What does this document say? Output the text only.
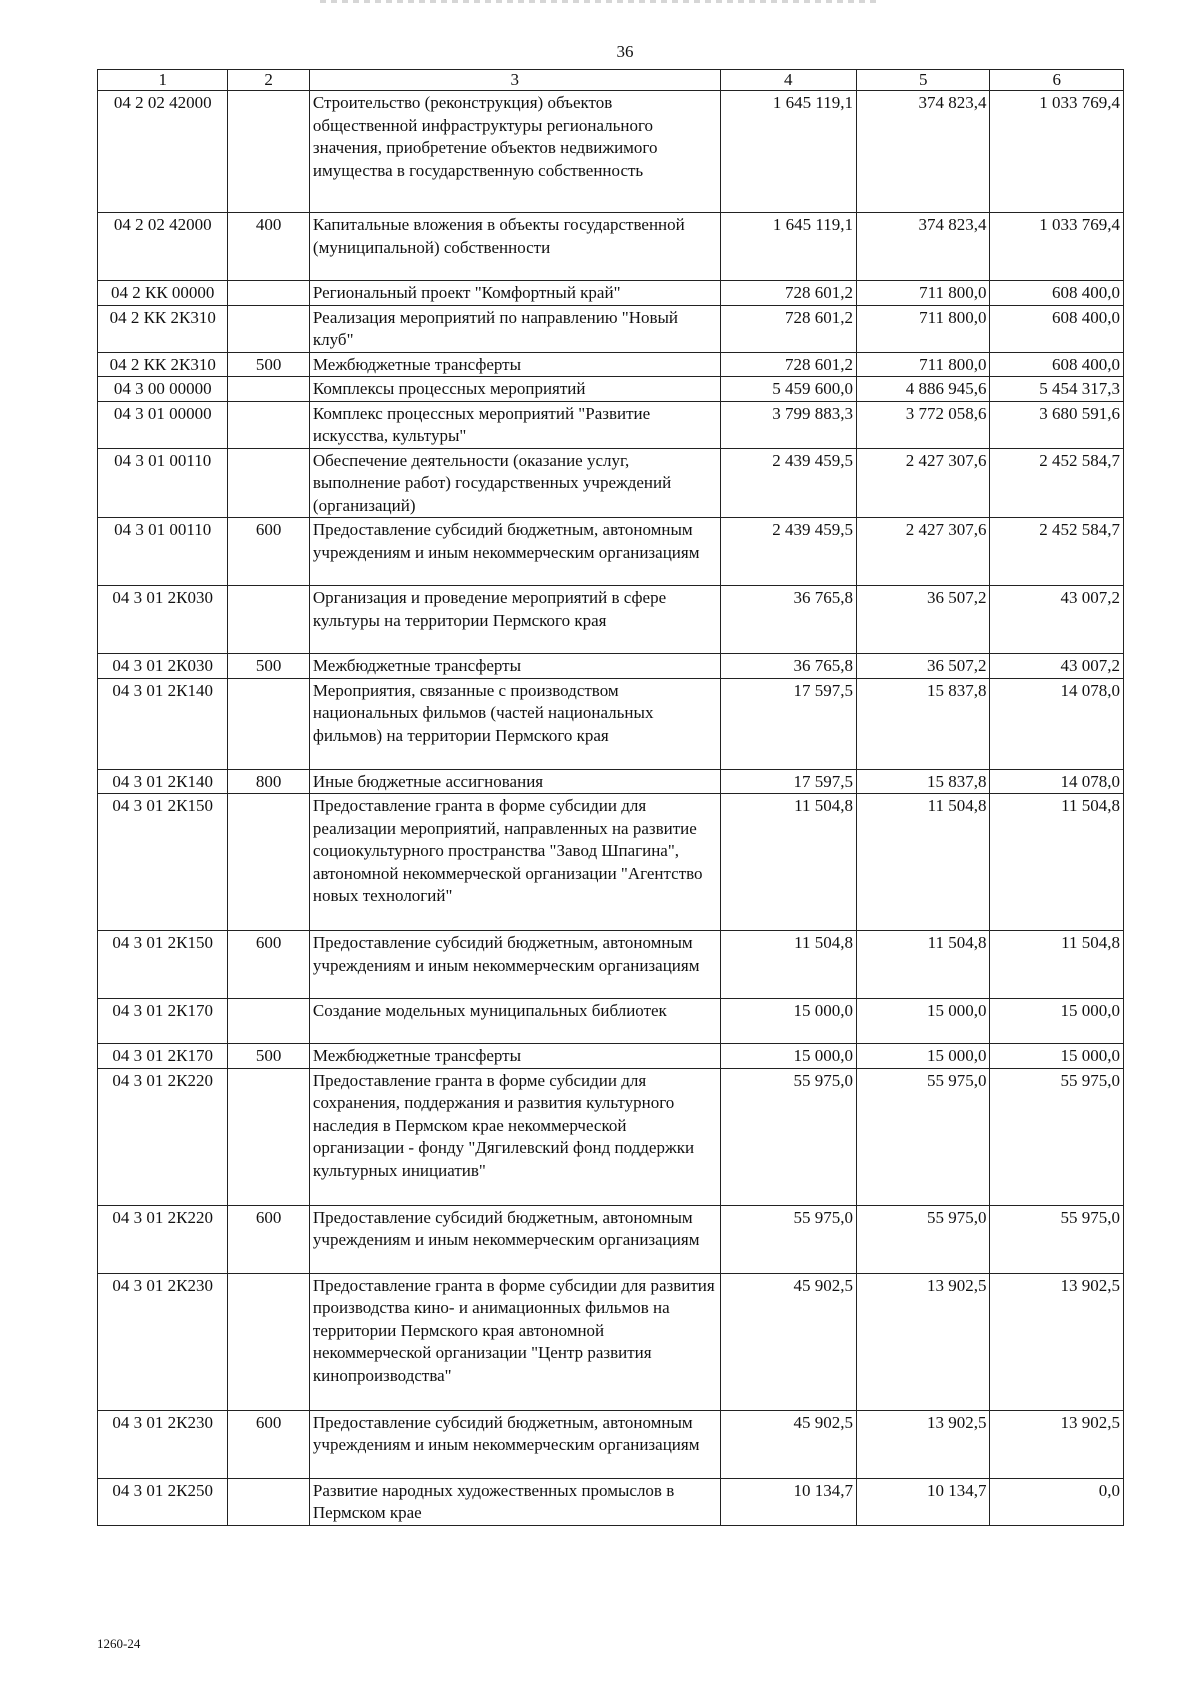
36
1	2	3	4	5	6
04 2 02 42000		Строительство (реконструкция) объектов общественной инфраструктуры регионального значения, приобретение объектов недвижимого имущества в государственную собственность	1 645 119,1	374 823,4	1 033 769,4
04 2 02 42000	400	Капитальные вложения в объекты государственной (муниципальной) собственности	1 645 119,1	374 823,4	1 033 769,4
04 2 КК 00000		Региональный проект "Комфортный край"	728 601,2	711 800,0	608 400,0
04 2 КК 2К310		Реализация мероприятий по направлению "Новый клуб"	728 601,2	711 800,0	608 400,0
04 2 КК 2К310	500	Межбюджетные трансферты	728 601,2	711 800,0	608 400,0
04 3 00 00000		Комплексы процессных мероприятий	5 459 600,0	4 886 945,6	5 454 317,3
04 3 01 00000		Комплекс процессных мероприятий "Развитие искусства, культуры"	3 799 883,3	3 772 058,6	3 680 591,6
04 3 01 00110		Обеспечение деятельности (оказание услуг, выполнение работ) государственных учреждений (организаций)	2 439 459,5	2 427 307,6	2 452 584,7
04 3 01 00110	600	Предоставление субсидий бюджетным, автономным учреждениям и иным некоммерческим организациям	2 439 459,5	2 427 307,6	2 452 584,7
04 3 01 2К030		Организация и проведение мероприятий в сфере культуры на территории Пермского края	36 765,8	36 507,2	43 007,2
04 3 01 2К030	500	Межбюджетные трансферты	36 765,8	36 507,2	43 007,2
04 3 01 2К140		Мероприятия, связанные с производством национальных фильмов (частей национальных фильмов) на территории Пермского края	17 597,5	15 837,8	14 078,0
04 3 01 2К140	800	Иные бюджетные ассигнования	17 597,5	15 837,8	14 078,0
04 3 01 2К150		Предоставление гранта в форме субсидии для реализации мероприятий, направленных на развитие социокультурного пространства "Завод Шпагина", автономной некоммерческой организации "Агентство новых технологий"	11 504,8	11 504,8	11 504,8
04 3 01 2К150	600	Предоставление субсидий бюджетным, автономным учреждениям и иным некоммерческим организациям	11 504,8	11 504,8	11 504,8
04 3 01 2К170		Создание модельных муниципальных библиотек	15 000,0	15 000,0	15 000,0
04 3 01 2К170	500	Межбюджетные трансферты	15 000,0	15 000,0	15 000,0
04 3 01 2К220		Предоставление гранта в форме субсидии для сохранения, поддержания и развития культурного наследия в Пермском крае некоммерческой организации - фонду "Дягилевский фонд поддержки культурных инициатив"	55 975,0	55 975,0	55 975,0
04 3 01 2К220	600	Предоставление субсидий бюджетным, автономным учреждениям и иным некоммерческим организациям	55 975,0	55 975,0	55 975,0
04 3 01 2К230		Предоставление гранта в форме субсидии для развития производства кино- и анимационных фильмов на территории Пермского края автономной некоммерческой организации "Центр развития кинопроизводства"	45 902,5	13 902,5	13 902,5
04 3 01 2К230	600	Предоставление субсидий бюджетным, автономным учреждениям и иным некоммерческим организациям	45 902,5	13 902,5	13 902,5
04 3 01 2К250		Развитие народных художественных промыслов в Пермском крае	10 134,7	10 134,7	0,0
1260-24
